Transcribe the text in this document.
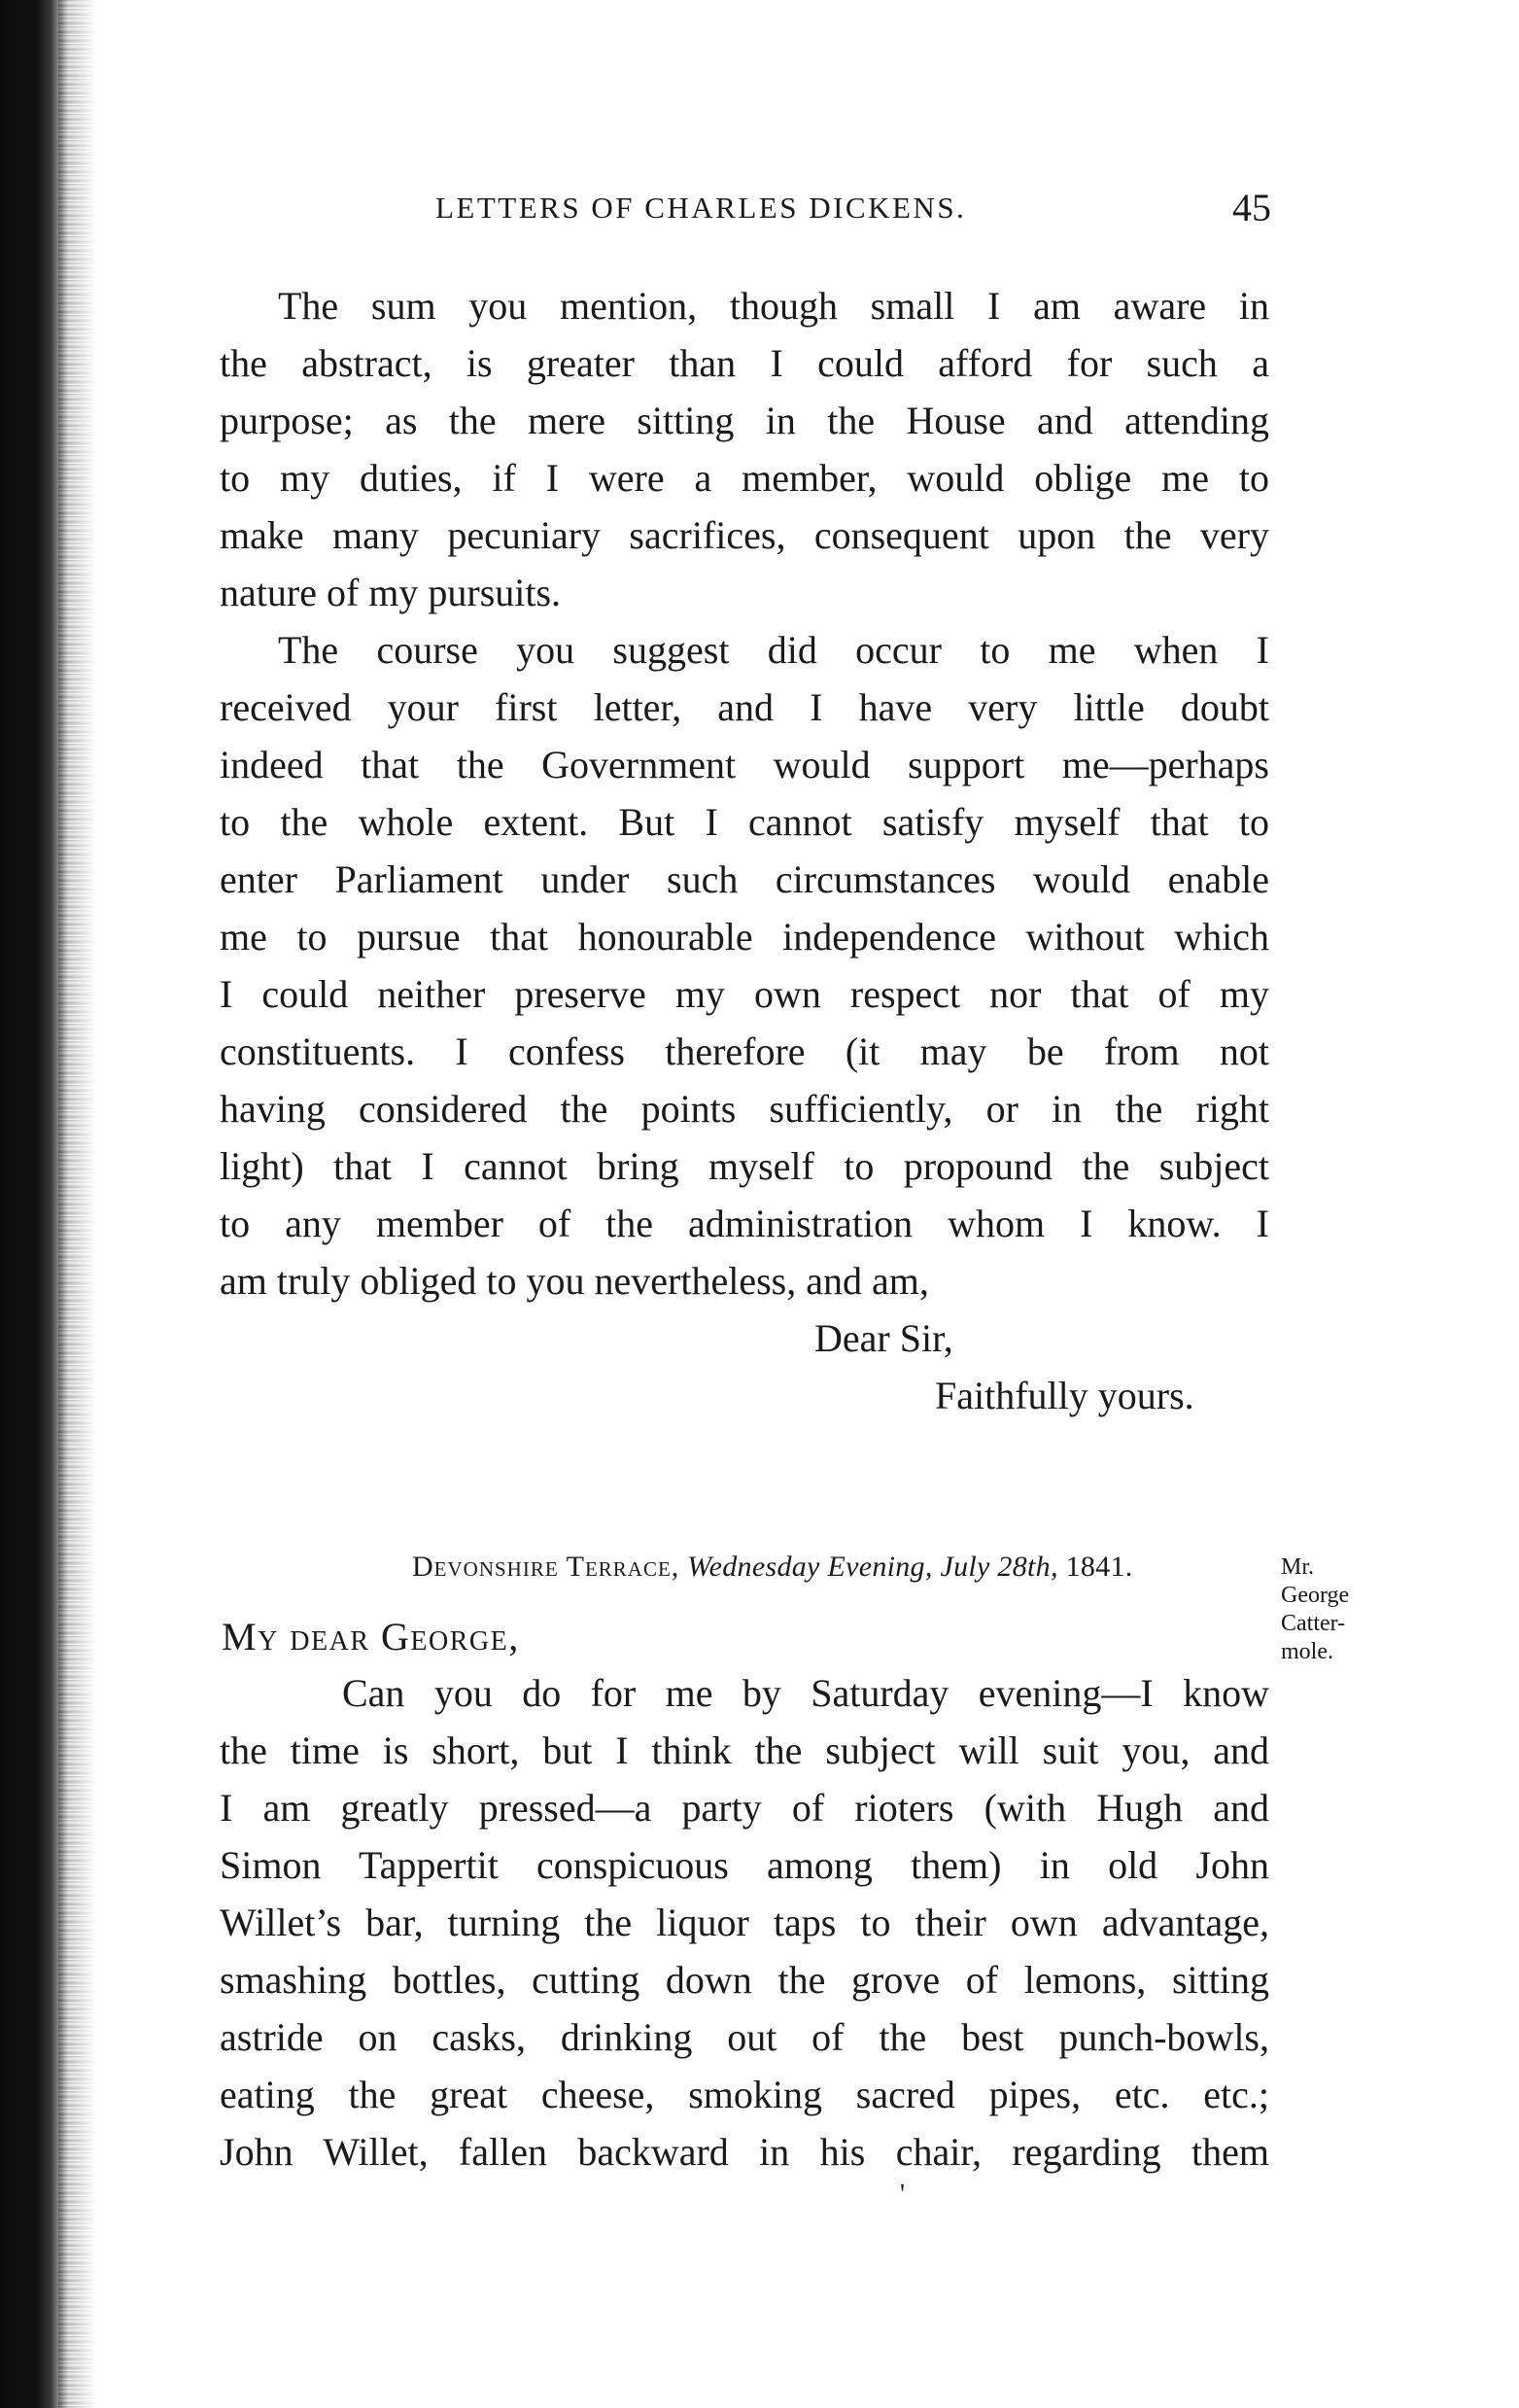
LETTERS OF CHARLES DICKENS.	45
The sum you mention, though small I am aware in
the abstract, is greater than I could afford for such a
purpose; as the mere sitting in the House and attending
to my duties, if I were a member, would oblige me to
make many pecuniary sacrifices, consequent upon the very
nature of my pursuits.
The course you suggest did occur to me when I
received your first letter, and I have very little doubt
indeed that the Government would support me—perhaps
to the whole extent. But I cannot satisfy myself that to
enter Parliament under such circumstances would enable
me to pursue that honourable independence without which
I could neither preserve my own respect nor that of my
constituents. I confess therefore (it may be from not
having considered the points sufficiently, or in the right
light) that I cannot bring myself to propound the subject
to any member of the administration whom I know. I
am truly obliged to you nevertheless, and am,
Dear Sir,
Faithfully yours.
Devonshire Terrace, Wednesday Evening, July 28th, 1841.	Mr.
George
Catter-
mole.
My dear George,
Can you do for me by Saturday evening—I know
the time is short, but I think the subject will suit you, and
I am greatly pressed—a party of rioters (with Hugh and
Simon Tappertit conspicuous among them) in old John
Willet’s bar, turning the liquor taps to their own advantage,
smashing bottles, cutting down the grove of lemons, sitting
astride on casks, drinking out of the best punch-bowls,
eating the great cheese, smoking sacred pipes, etc. etc.;
John Willet, fallen backward in his chair, regarding them
'
